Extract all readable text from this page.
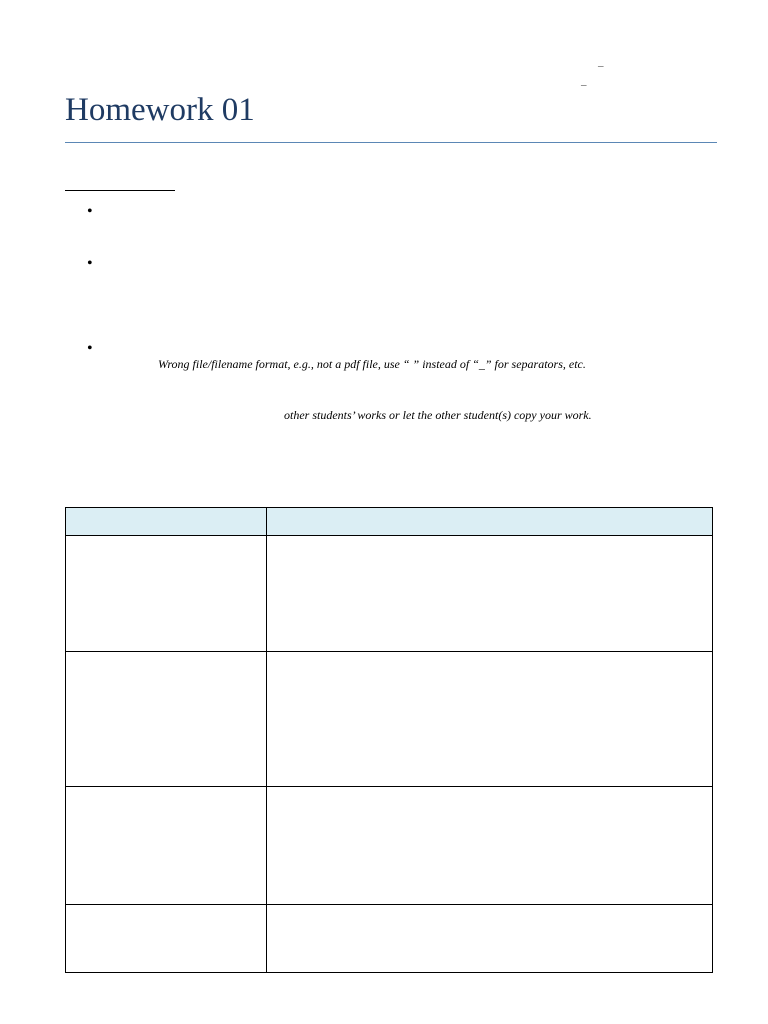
–
–
Homework 01
•
•
•
Wrong file/filename format, e.g., not a pdf file, use “ ” instead of “_” for separators, etc.
other students’ works or let the other student(s) copy your work.
